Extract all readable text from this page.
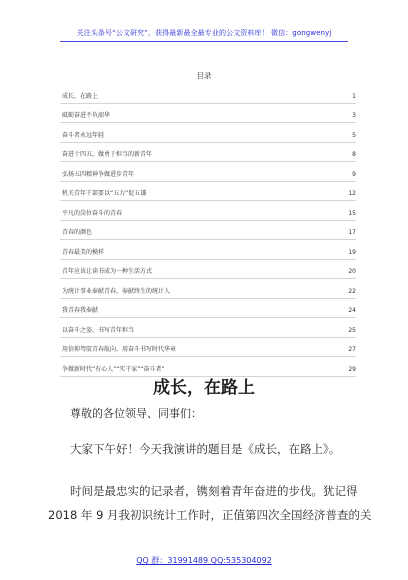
关注头条号“公文研究”，获得最新最全最专业的公文资料库！ 微信：gongwenyj
目录
成长，在路上	1
砥砺奋进不负韶华	3
奋斗者永远年轻	5
奋进十四五，做勇于担当的新青年	8
弘扬五四精神争做进步青年	9
机关青年干部要以“五力”促五谦	12
平凡的岗位奋斗的青春	15
青春的颜色	17
青春最美的模样	19
青年应该让读书成为一种生活方式	20
为统计事业奉献青春，奉献终生的统计人	22
我青春我奉献	24
以奋斗之姿，书写青年担当	25
用信仰驾驭青春航向，用奋斗书写时代华章	27
争做新时代“有心人”“实干家”“奋斗者”	29
成长，在路上
尊敬的各位领导、同事们：
大家下午好！今天我演讲的题目是《成长，在路上》。
时间是最忠实的记录者，镌刻着青年奋进的步伐。犹记得
2018 年 9 月我初识统计工作时，正值第四次全国经济普查的关
QQ 群：31991489 QQ:535304092
